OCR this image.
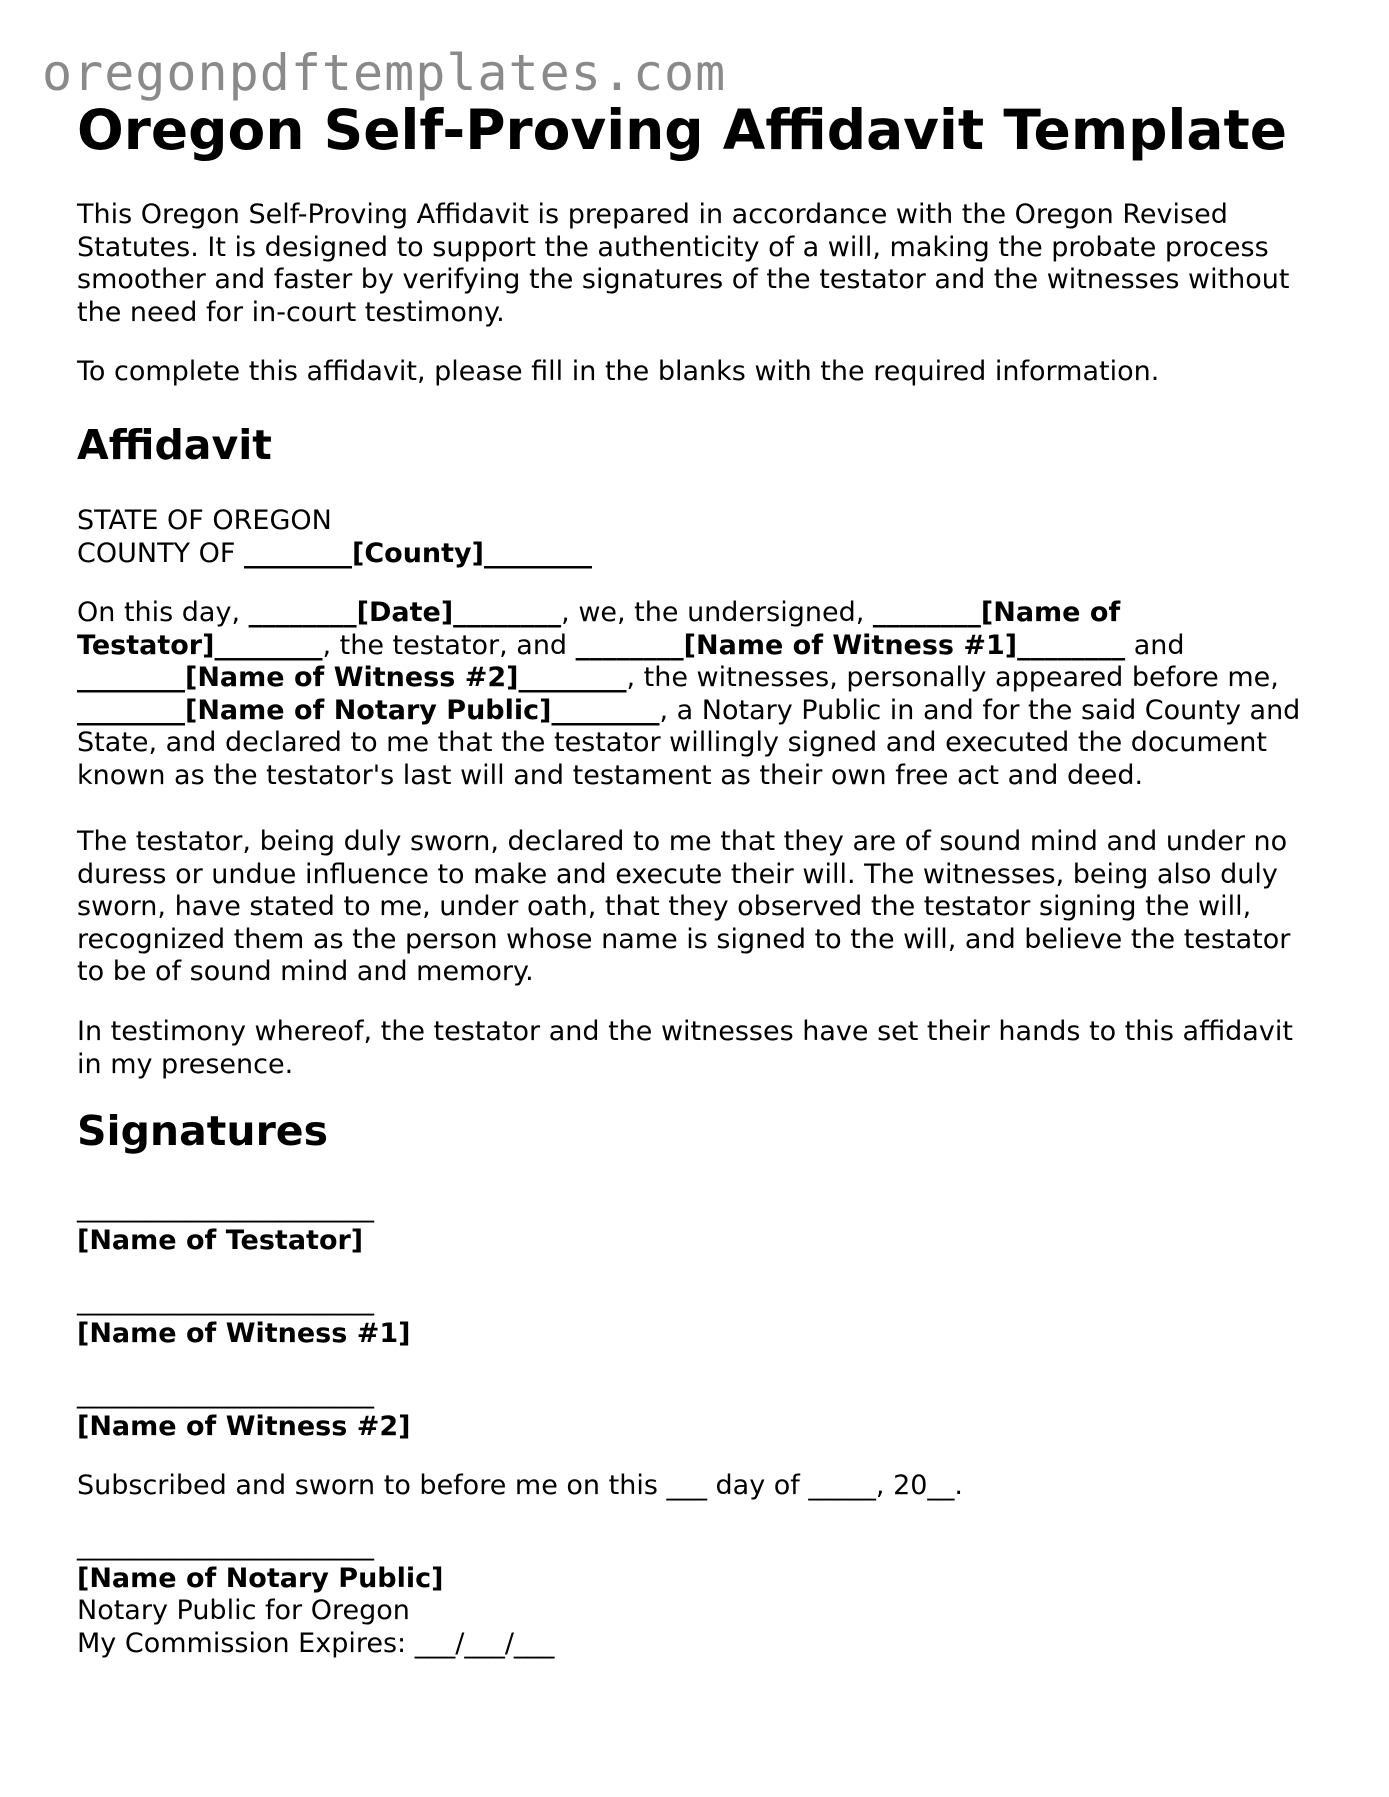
oregonpdftemplates.com
Oregon Self-Proving Affidavit Template

This Oregon Self-Proving Affidavit is prepared in accordance with the Oregon Revised Statutes. It is designed to support the authenticity of a will, making the probate process smoother and faster by verifying the signatures of the testator and the witnesses without the need for in-court testimony.

To complete this affidavit, please fill in the blanks with the required information.

Affidavit
STATE OF OREGON
COUNTY OF ________[County]________

On this day, ________[Date]________, we, the undersigned, ________[Name of Testator]________, the testator, and ________[Name of Witness #1]________ and ________[Name of Witness #2]________, the witnesses, personally appeared before me, ________[Name of Notary Public]________, a Notary Public in and for the said County and State, and declared to me that the testator willingly signed and executed the document known as the testator's last will and testament as their own free act and deed.

The testator, being duly sworn, declared to me that they are of sound mind and under no duress or undue influence to make and execute their will. The witnesses, being also duly sworn, have stated to me, under oath, that they observed the testator signing the will, recognized them as the person whose name is signed to the will, and believe the testator to be of sound mind and memory.

In testimony whereof, the testator and the witnesses have set their hands to this affidavit in my presence.

Signatures
______________________
[Name of Testator]
______________________
[Name of Witness #1]
______________________
[Name of Witness #2]
Subscribed and sworn to before me on this ___ day of _____, 20__.
______________________
[Name of Notary Public]
Notary Public for Oregon
My Commission Expires: ___/___/___
